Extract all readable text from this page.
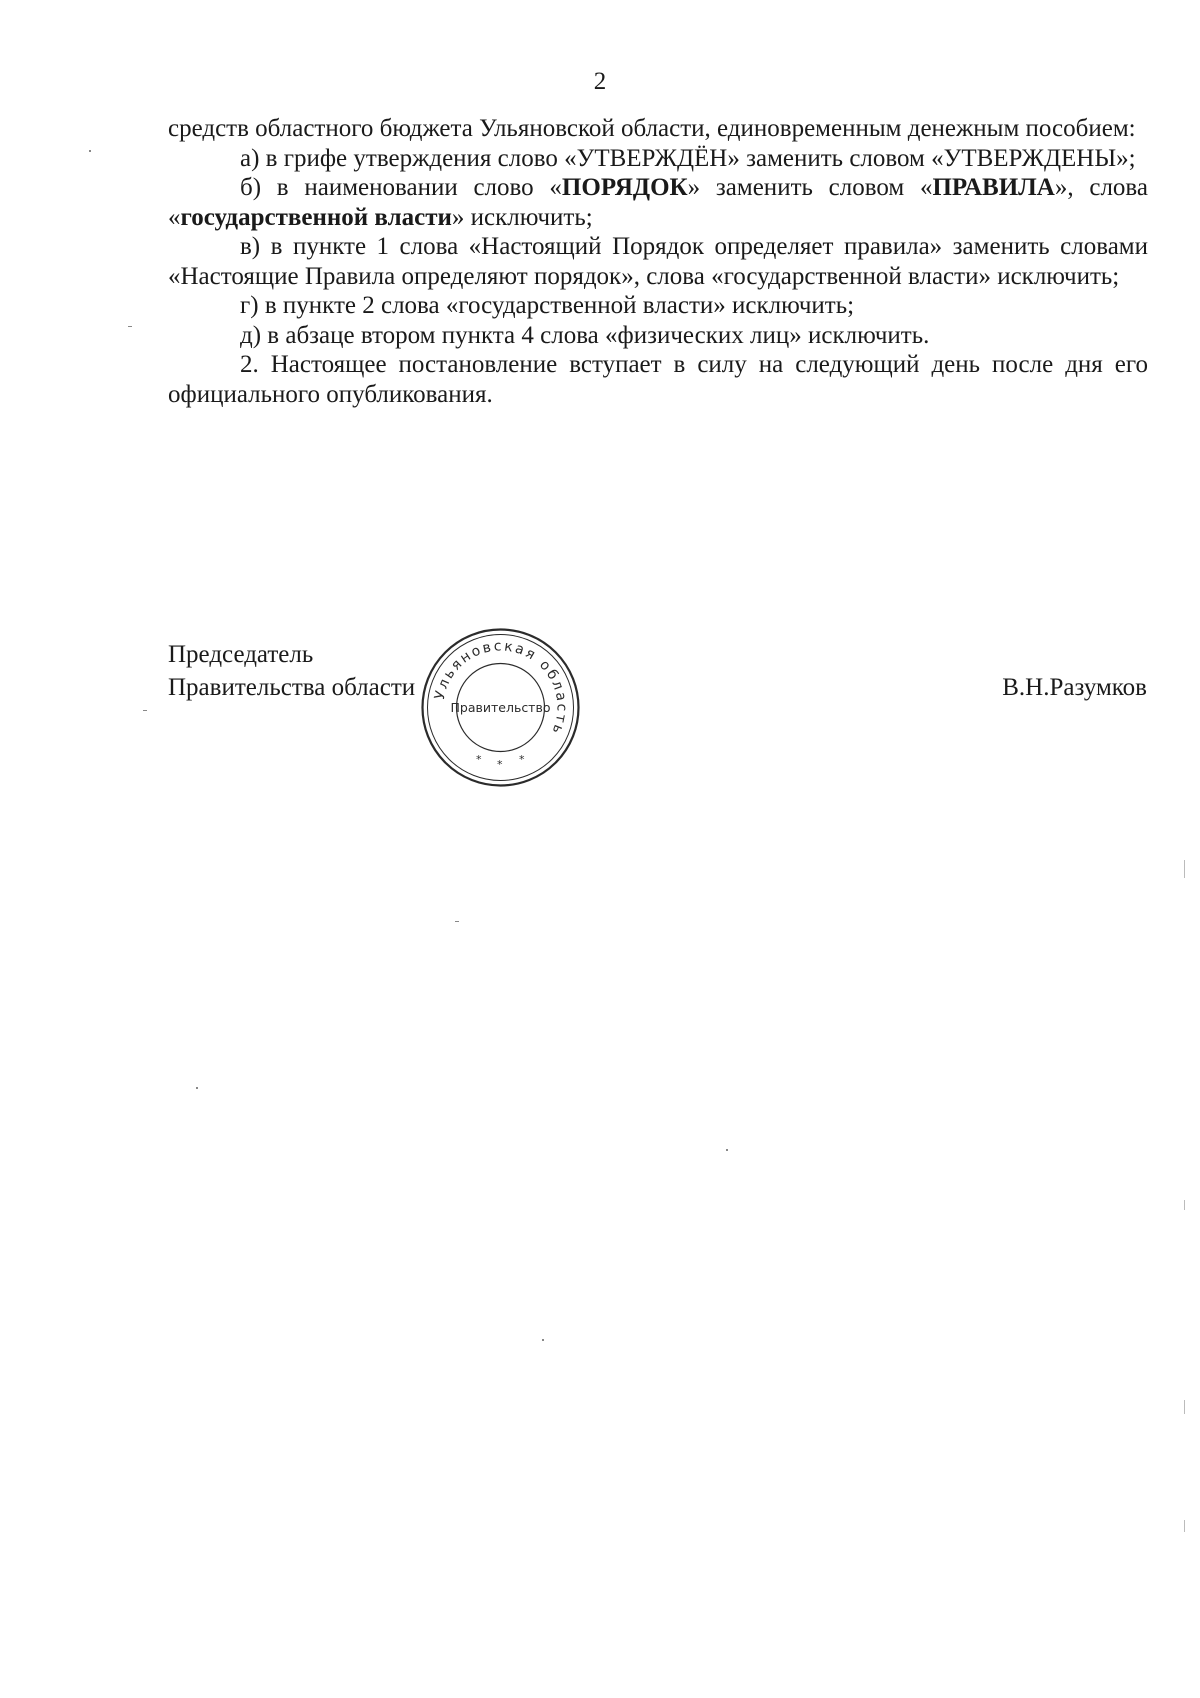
2

средств областного бюджета Ульяновской области, единовременным денежным пособием:

а) в грифе утверждения слово «УТВЕРЖДЁН» заменить словом «УТВЕРЖДЕНЫ»;

б) в наименовании слово «ПОРЯДОК» заменить словом «ПРАВИЛА», слова «государственной власти» исключить;

в) в пункте 1 слова «Настоящий Порядок определяет правила» заменить словами «Настоящие Правила определяют порядок», слова «государственной власти» исключить;

г) в пункте 2 слова «государственной власти» исключить;

д) в абзаце втором пункта 4 слова «физических лиц» исключить.

2. Настоящее постановление вступает в силу на следующий день после дня его официального опубликования.

Председатель
Правительства области	В.Н.Разумков
Ульяновская область
Правительство
* * *
